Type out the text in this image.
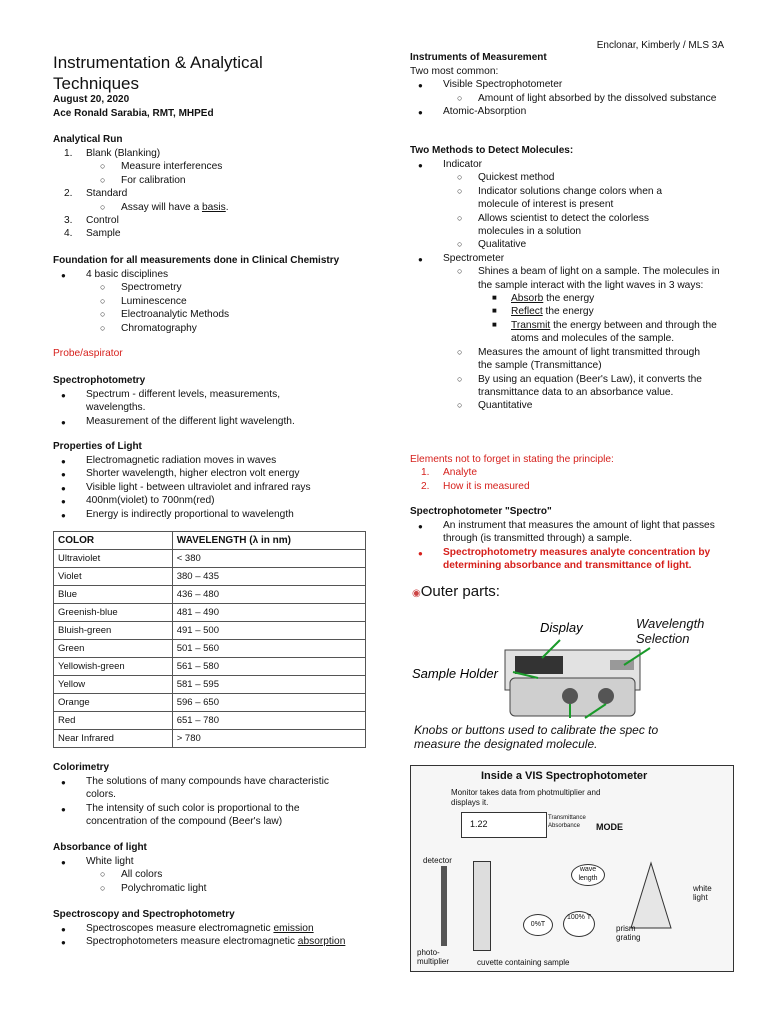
Enclonar, Kimberly / MLS 3A
Instrumentation & Analytical Techniques
August 20, 2020
Ace Ronald Sarabia, RMT, MHPEd
Analytical Run
1. Blank (Blanking)
○ Measure interferences
○ For calibration
2. Standard
○ Assay will have a basis.
3. Control
4. Sample
Foundation for all measurements done in Clinical Chemistry
● 4 basic disciplines
○ Spectrometry
○ Luminescence
○ Electroanalytic Methods
○ Chromatography
Probe/aspirator
Spectrophotometry
● Spectrum - different levels, measurements, wavelengths.
● Measurement of the different light wavelength.
Properties of Light
● Electromagnetic radiation moves in waves
● Shorter wavelength, higher electron volt energy
● Visible light - between ultraviolet and infrared rays
● 400nm(violet) to 700nm(red)
● Energy is indirectly proportional to wavelength
COLOR	WAVELENGTH (λ in nm)
Ultraviolet	< 380
Violet	380 – 435
Blue	436 – 480
Greenish-blue	481 – 490
Bluish-green	491 – 500
Green	501 – 560
Yellowish-green	561 – 580
Yellow	581 – 595
Orange	596 – 650
Red	651 – 780
Near Infrared	> 780
Colorimetry
● The solutions of many compounds have characteristic colors.
● The intensity of such color is proportional to the concentration of the compound (Beer's law)
Absorbance of light
● White light
○ All colors
○ Polychromatic light
Spectroscopy and Spectrophotometry
● Spectroscopes measure electromagnetic emission
● Spectrophotometers measure electromagnetic absorption
Instruments of Measurement
Two most common:
● Visible Spectrophotometer
○ Amount of light absorbed by the dissolved substance
● Atomic-Absorption
Two Methods to Detect Molecules:
● Indicator
○ Quickest method
○ Indicator solutions change colors when a molecule of interest is present
○ Allows scientist to detect the colorless molecules in a solution
○ Qualitative
● Spectrometer
○ Shines a beam of light on a sample. The molecules in the sample interact with the light waves in 3 ways:
■ Absorb the energy
■ Reflect the energy
■ Transmit the energy between and through the atoms and molecules of the sample.
○ Measures the amount of light transmitted through the sample (Transmittance)
○ By using an equation (Beer's Law), it converts the transmittance data to an absorbance value.
○ Quantitative
Elements not to forget in stating the principle:
1. Analyte
2. How it is measured
Spectrophotometer "Spectro"
● An instrument that measures the amount of light that passes through (is transmitted through) a sample.
● Spectrophotometry measures analyte concentration by determining absorbance and transmittance of light.
◉Outer parts:
Display
Sample Holder
Wavelength Selection
Knobs or buttons used to calibrate the spec to measure the designated molecule.
Inside a VIS Spectrophotometer
Monitor takes data from photmultiplier and displays it.
1.22
Transmittance
Absorbance	MODE
detector
wave length
white light
0%T
100% T
prism grating
photo- multiplier	cuvette containing sample
